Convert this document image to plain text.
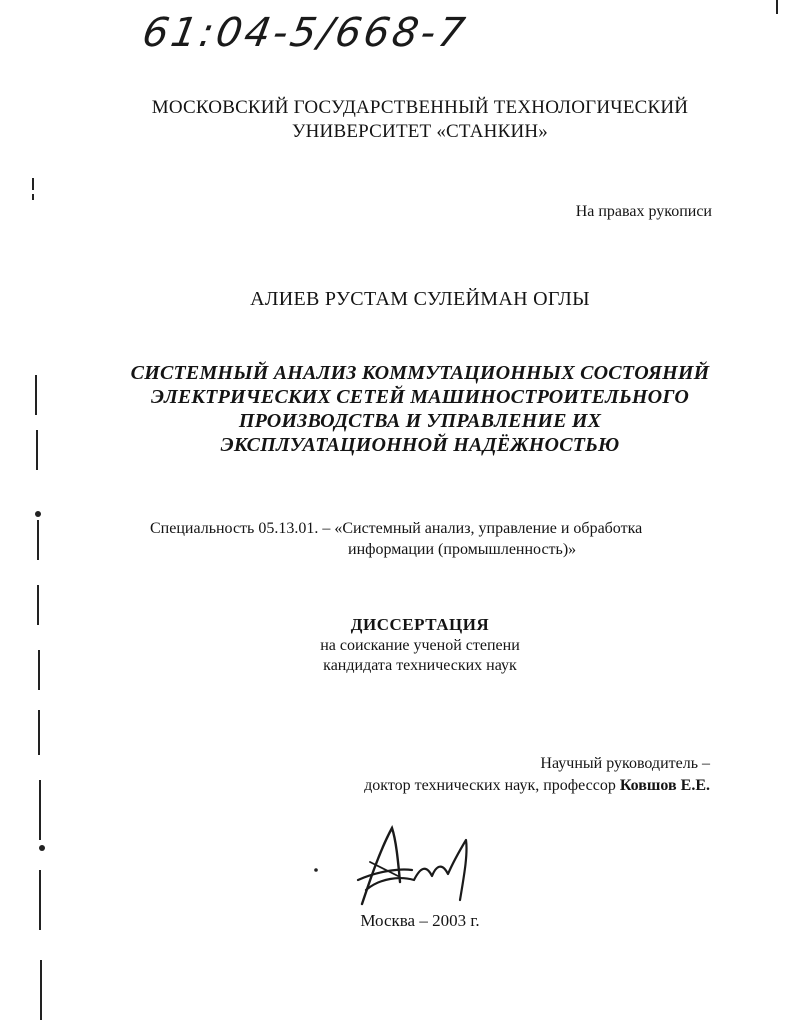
61:04-5/668-7
МОСКОВСКИЙ ГОСУДАРСТВЕННЫЙ ТЕХНОЛОГИЧЕСКИЙ
УНИВЕРСИТЕТ «СТАНКИН»
На правах рукописи
АЛИЕВ РУСТАМ СУЛЕЙМАН ОГЛЫ
СИСТЕМНЫЙ АНАЛИЗ КОММУТАЦИОННЫХ СОСТОЯНИЙ
ЭЛЕКТРИЧЕСКИХ СЕТЕЙ МАШИНОСТРОИТЕЛЬНОГО
ПРОИЗВОДСТВА И УПРАВЛЕНИЕ ИХ
ЭКСПЛУАТАЦИОННОЙ НАДЁЖНОСТЬЮ
Специальность 05.13.01. – «Системный анализ, управление и обработка
информации (промышленность)»
ДИССЕРТАЦИЯ
на соискание ученой степени
кандидата технических наук
Научный руководитель –
доктор технических наук, профессор Ковшов Е.Е.
Москва – 2003 г.
